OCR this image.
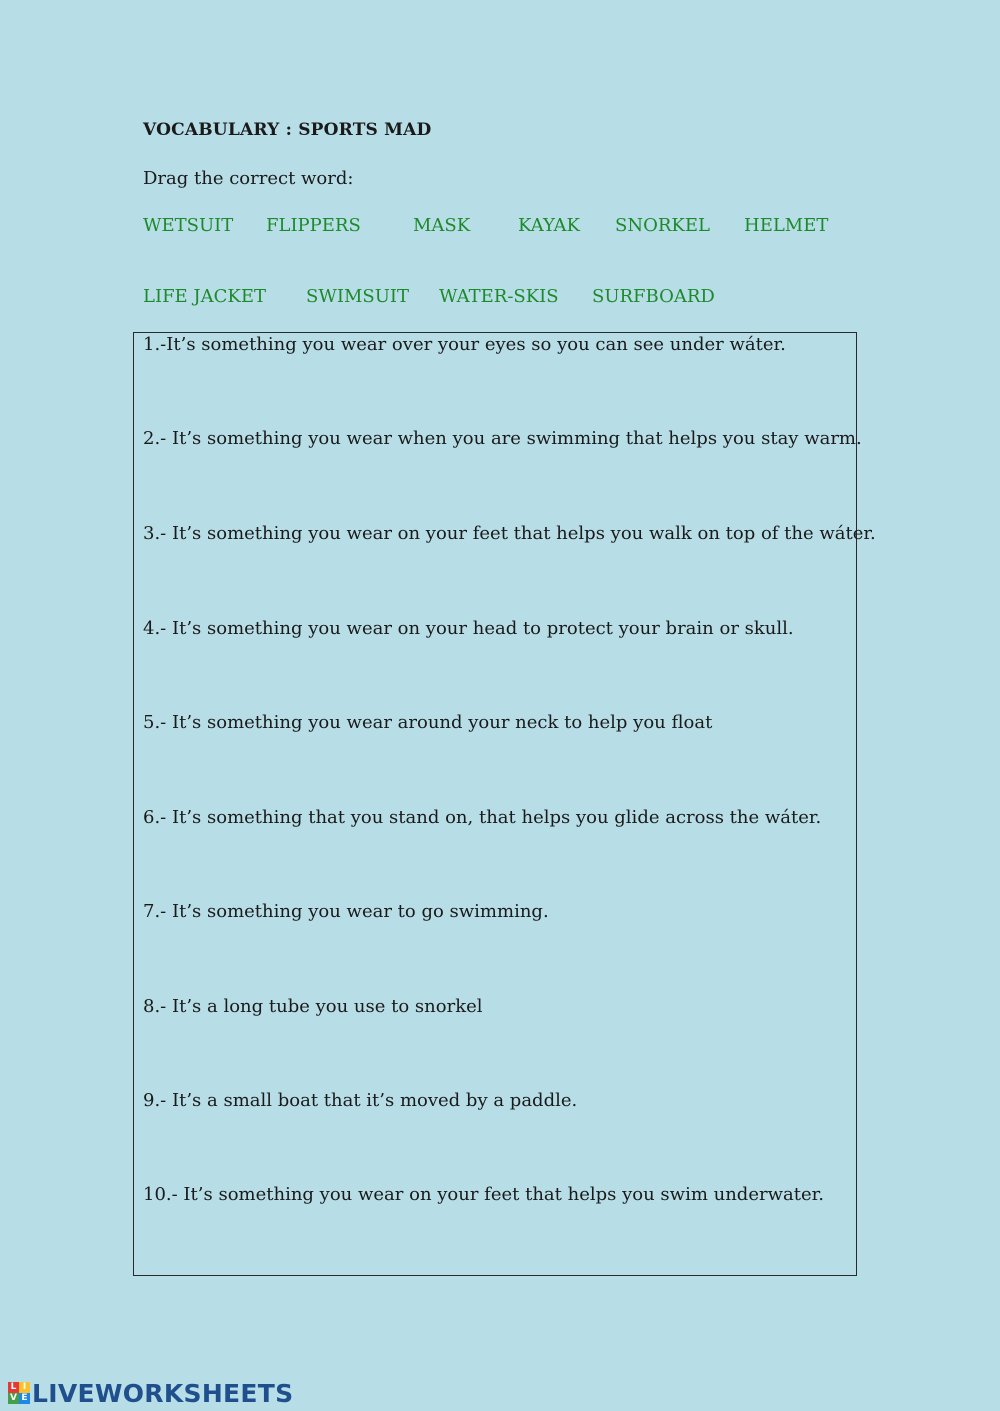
VOCABULARY : SPORTS MAD
Drag the correct word:
WETSUIT FLIPPERS	MASK	KAYAK SNORKEL HELMET
LIFE JACKET SWIMSUIT WATER-SKIS SURFBOARD
1.-It’s something you wear over your eyes so you can see under wáter.
2.- It’s something you wear when you are swimming that helps you stay warm.
3.- It’s something you wear on your feet that helps you walk on top of the wáter.
4.- It’s something you wear on your head to protect your brain or skull.
5.- It’s something you wear around your neck to help you float
6.- It’s something that you stand on, that helps you glide across the wáter.
7.- It’s something you wear to go swimming.
8.- It’s a long tube you use to snorkel
9.- It’s a small boat that it’s moved by a paddle.
10.- It’s something you wear on your feet that helps you swim underwater.
L I
V E LIVEWORKSHEETS
